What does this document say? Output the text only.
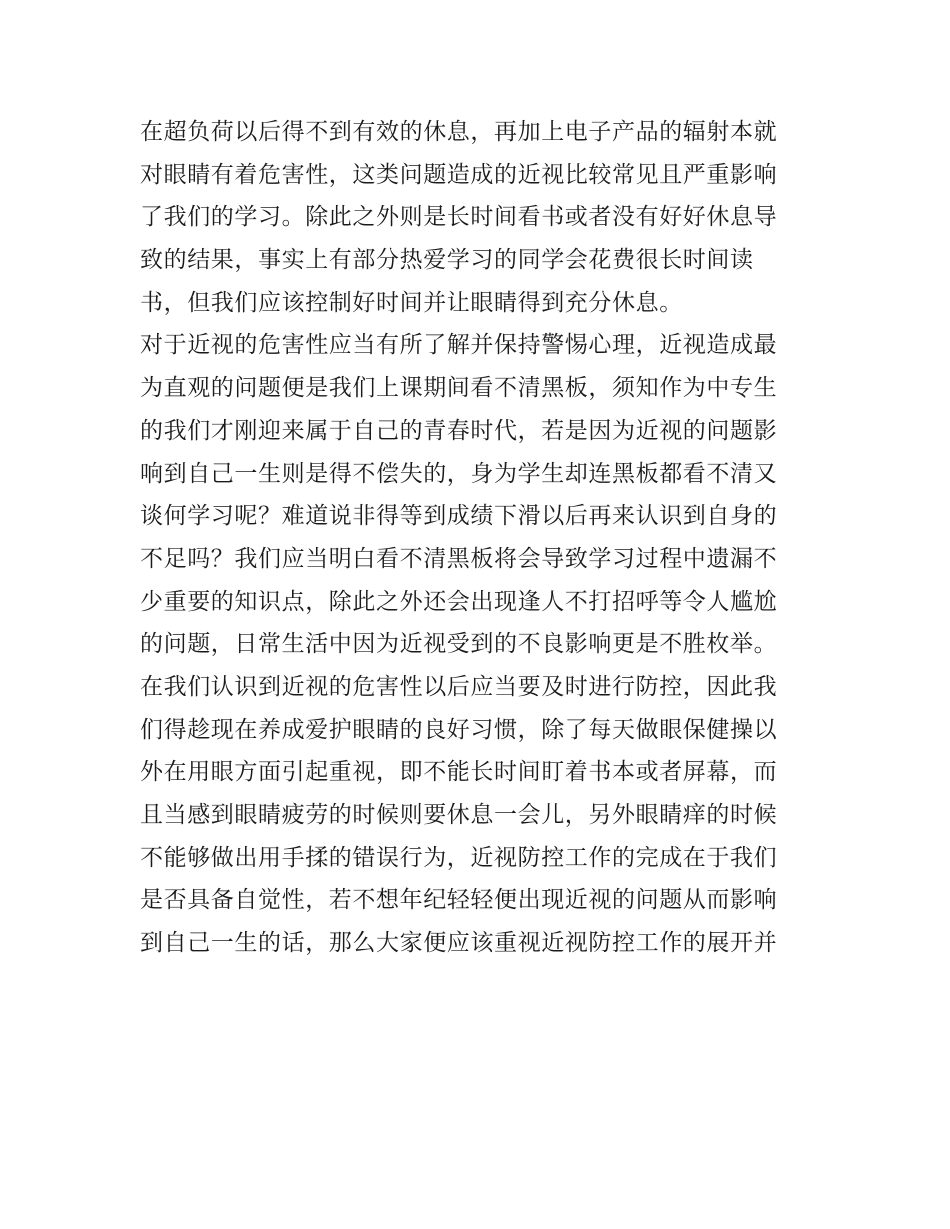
在超负荷以后得不到有效的休息，再加上电子产品的辐射本就
对眼睛有着危害性，这类问题造成的近视比较常见且严重影响
了我们的学习。除此之外则是长时间看书或者没有好好休息导
致的结果，事实上有部分热爱学习的同学会花费很长时间读
书，但我们应该控制好时间并让眼睛得到充分休息。
对于近视的危害性应当有所了解并保持警惕心理，近视造成最
为直观的问题便是我们上课期间看不清黑板，须知作为中专生
的我们才刚迎来属于自己的青春时代，若是因为近视的问题影
响到自己一生则是得不偿失的，身为学生却连黑板都看不清又
谈何学习呢？难道说非得等到成绩下滑以后再来认识到自身的
不足吗？我们应当明白看不清黑板将会导致学习过程中遗漏不
少重要的知识点，除此之外还会出现逢人不打招呼等令人尴尬
的问题，日常生活中因为近视受到的不良影响更是不胜枚举。
在我们认识到近视的危害性以后应当要及时进行防控，因此我
们得趁现在养成爱护眼睛的良好习惯，除了每天做眼保健操以
外在用眼方面引起重视，即不能长时间盯着书本或者屏幕，而
且当感到眼睛疲劳的时候则要休息一会儿，另外眼睛痒的时候
不能够做出用手揉的错误行为，近视防控工作的完成在于我们
是否具备自觉性，若不想年纪轻轻便出现近视的问题从而影响
到自己一生的话，那么大家便应该重视近视防控工作的展开并
